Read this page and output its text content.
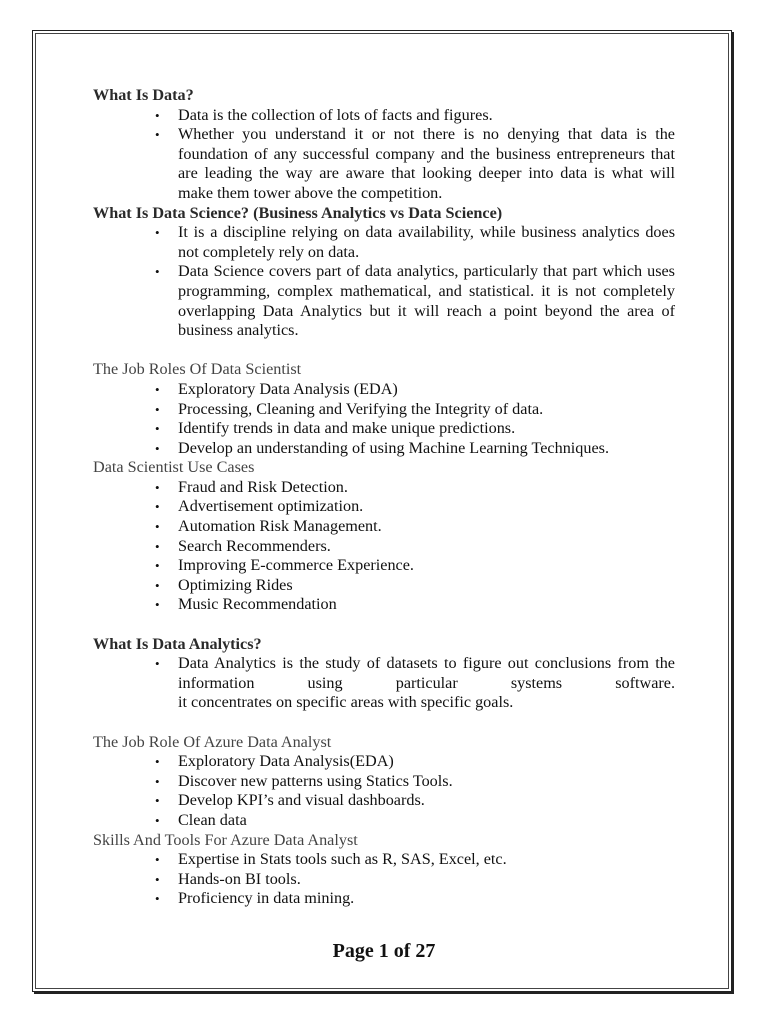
What Is Data?

• Data is the collection of lots of facts and figures.
• Whether you understand it or not there is no denying that data is the foundation of any successful company and the business entrepreneurs that are leading the way are aware that looking deeper into data is what will make them tower above the competition.

What Is Data Science? (Business Analytics vs Data Science)

• It is a discipline relying on data availability, while business analytics does not completely rely on data.
• Data Science covers part of data analytics, particularly that part which uses programming, complex mathematical, and statistical. it is not completely overlapping Data Analytics but it will reach a point beyond the area of business analytics.

The Job Roles Of Data Scientist

• Exploratory Data Analysis (EDA)
• Processing, Cleaning and Verifying the Integrity of data.
• Identify trends in data and make unique predictions.
• Develop an understanding of using Machine Learning Techniques.

Data Scientist Use Cases

• Fraud and Risk Detection.
• Advertisement optimization.
• Automation Risk Management.
• Search Recommenders.
• Improving E-commerce Experience.
• Optimizing Rides
• Music Recommendation

What Is Data Analytics?

• Data Analytics is the study of datasets to figure out conclusions from the information using particular systems software.
it concentrates on specific areas with specific goals.

The Job Role Of Azure Data Analyst

• Exploratory Data Analysis(EDA)
• Discover new patterns using Statics Tools.
• Develop KPI’s and visual dashboards.
• Clean data

Skills And Tools For Azure Data Analyst

• Expertise in Stats tools such as R, SAS, Excel, etc.
• Hands-on BI tools.
• Proficiency in data mining.
Page 1 of 27
